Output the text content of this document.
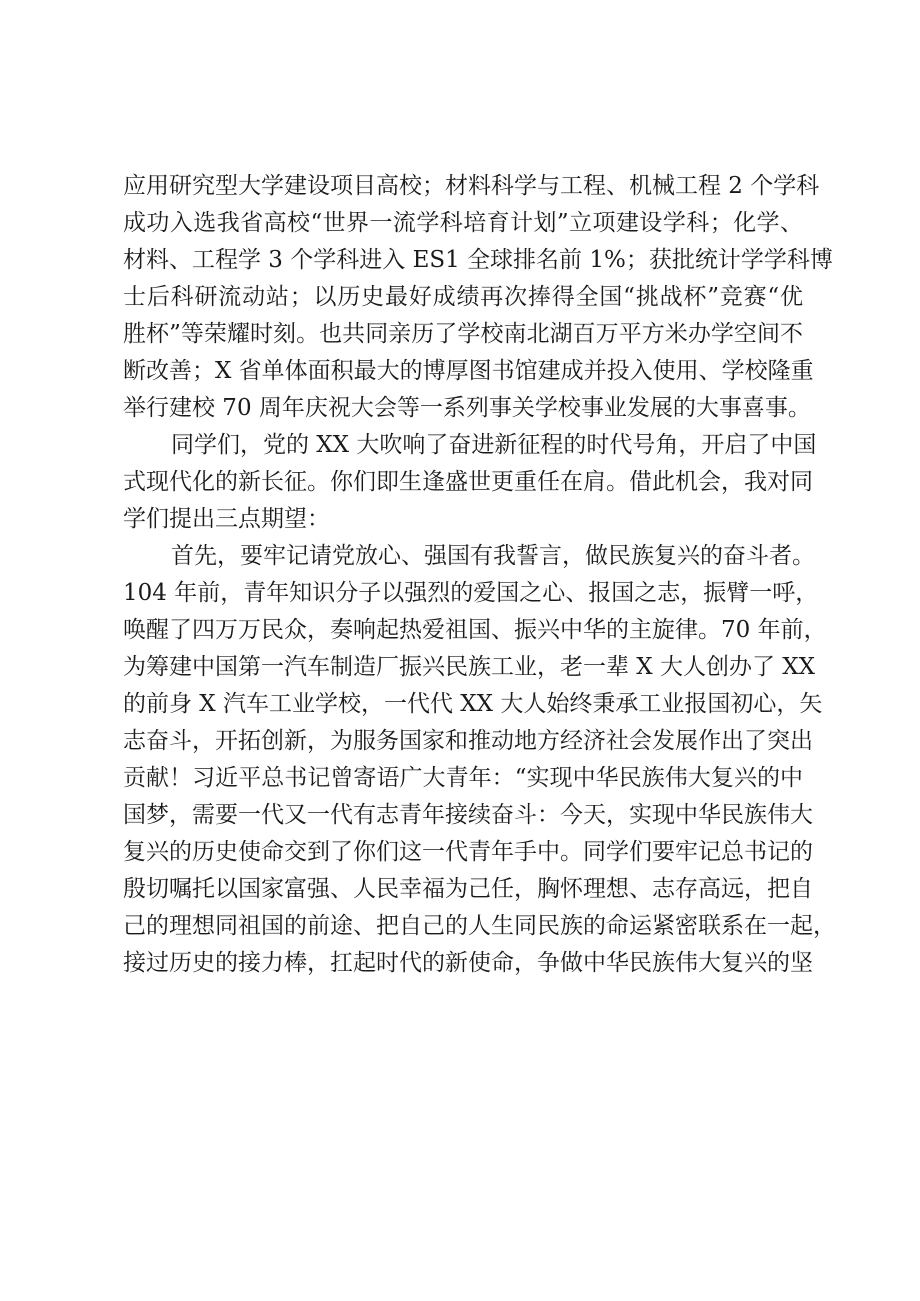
应用研究型大学建设项目高校；材料科学与工程、机械工程 2 个学科
成功入选我省高校“世界一流学科培育计划”立项建设学科；化学、
材料、工程学 3 个学科进入 ES1 全球排名前 1%；获批统计学学科博
士后科研流动站；以历史最好成绩再次捧得全国“挑战杯”竞赛“优
胜杯”等荣耀时刻。也共同亲历了学校南北湖百万平方米办学空间不
断改善；X 省单体面积最大的博厚图书馆建成并投入使用、学校隆重
举行建校 70 周年庆祝大会等一系列事关学校事业发展的大事喜事。
同学们，党的 XX 大吹响了奋进新征程的时代号角，开启了中国
式现代化的新长征。你们即生逢盛世更重任在肩。借此机会，我对同
学们提出三点期望：
首先，要牢记请党放心、强国有我誓言，做民族复兴的奋斗者。
104 年前，青年知识分子以强烈的爱国之心、报国之志，振臂一呼，
唤醒了四万万民众，奏响起热爱祖国、振兴中华的主旋律。70 年前，
为筹建中国第一汽车制造厂振兴民族工业，老一辈 X 大人创办了 XX
的前身 X 汽车工业学校，一代代 XX 大人始终秉承工业报国初心，矢
志奋斗，开拓创新，为服务国家和推动地方经济社会发展作出了突出
贡献！习近平总书记曾寄语广大青年：“实现中华民族伟大复兴的中
国梦，需要一代又一代有志青年接续奋斗：今天，实现中华民族伟大
复兴的历史使命交到了你们这一代青年手中。同学们要牢记总书记的
殷切嘱托以国家富强、人民幸福为己任，胸怀理想、志存高远，把自
己的理想同祖国的前途、把自己的人生同民族的命运紧密联系在一起，
接过历史的接力棒，扛起时代的新使命，争做中华民族伟大复兴的坚
